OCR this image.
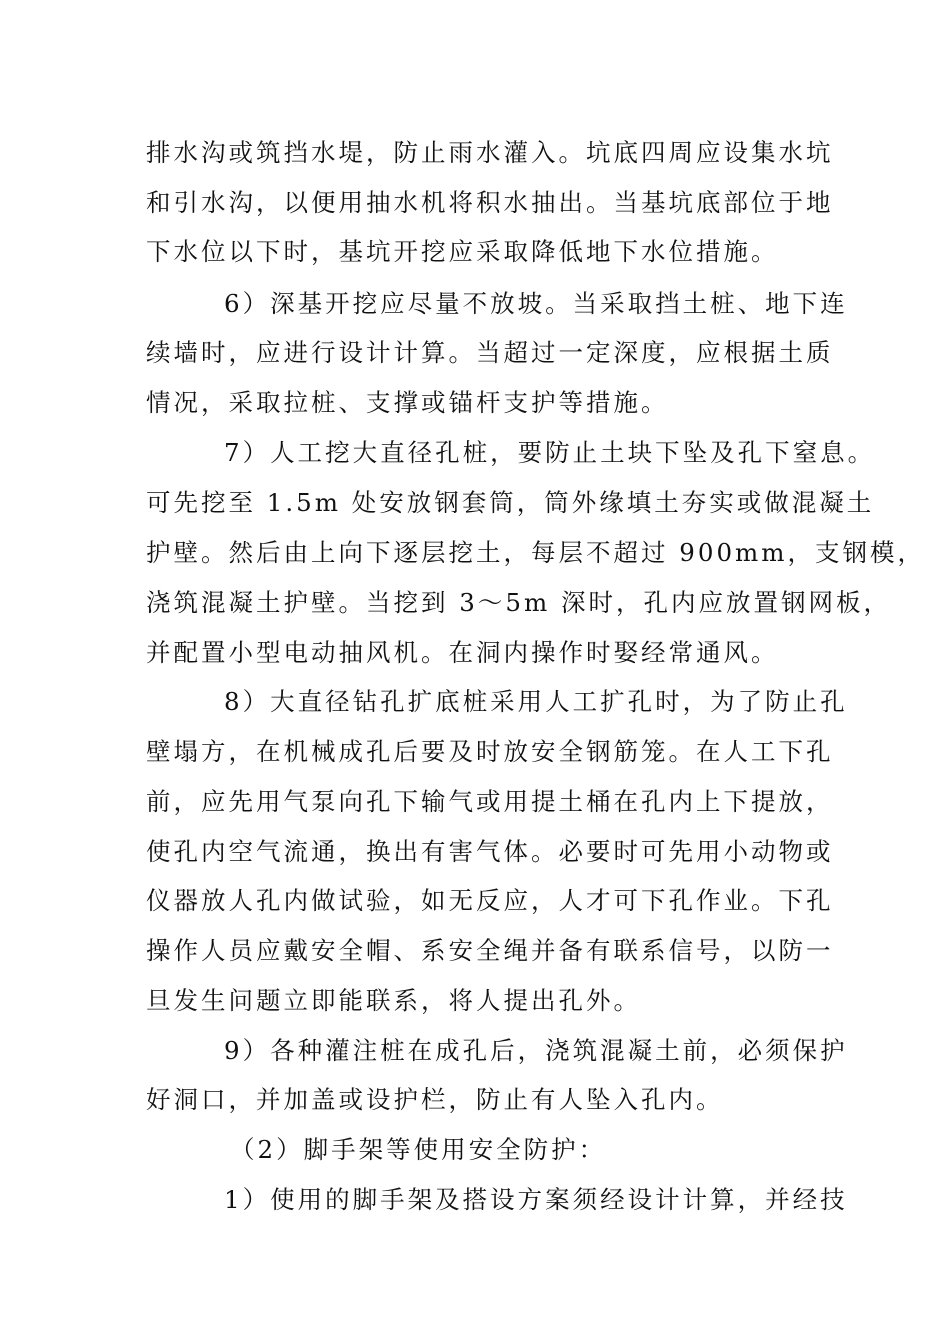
排水沟或筑挡水堤，防止雨水灌入。坑底四周应设集水坑
和引水沟，以便用抽水机将积水抽出。当基坑底部位于地
下水位以下时，基坑开挖应采取降低地下水位措施。
6）深基开挖应尽量不放坡。当采取挡土桩、地下连
续墙时，应进行设计计算。当超过一定深度，应根据土质
情况，采取拉桩、支撑或锚杆支护等措施。
7）人工挖大直径孔桩，要防止土块下坠及孔下窒息。
可先挖至 1.5m 处安放钢套筒，筒外缘填土夯实或做混凝土
护壁。然后由上向下逐层挖土，每层不超过 900mm，支钢模，
浇筑混凝土护壁。当挖到 3～5m 深时，孔内应放置钢网板，
并配置小型电动抽风机。在洞内操作时娶经常通风。
8）大直径钻孔扩底桩采用人工扩孔时，为了防止孔
壁塌方，在机械成孔后要及时放安全钢筋笼。在人工下孔
前，应先用气泵向孔下输气或用提土桶在孔内上下提放，
使孔内空气流通，换出有害气体。必要时可先用小动物或
仪器放人孔内做试验，如无反应，人才可下孔作业。下孔
操作人员应戴安全帽、系安全绳并备有联系信号，以防一
旦发生问题立即能联系，将人提出孔外。
9）各种灌注桩在成孔后，浇筑混凝土前，必须保护
好洞口，并加盖或设护栏，防止有人坠入孔内。
（2）脚手架等使用安全防护：
1）使用的脚手架及搭设方案须经设计计算，并经技
